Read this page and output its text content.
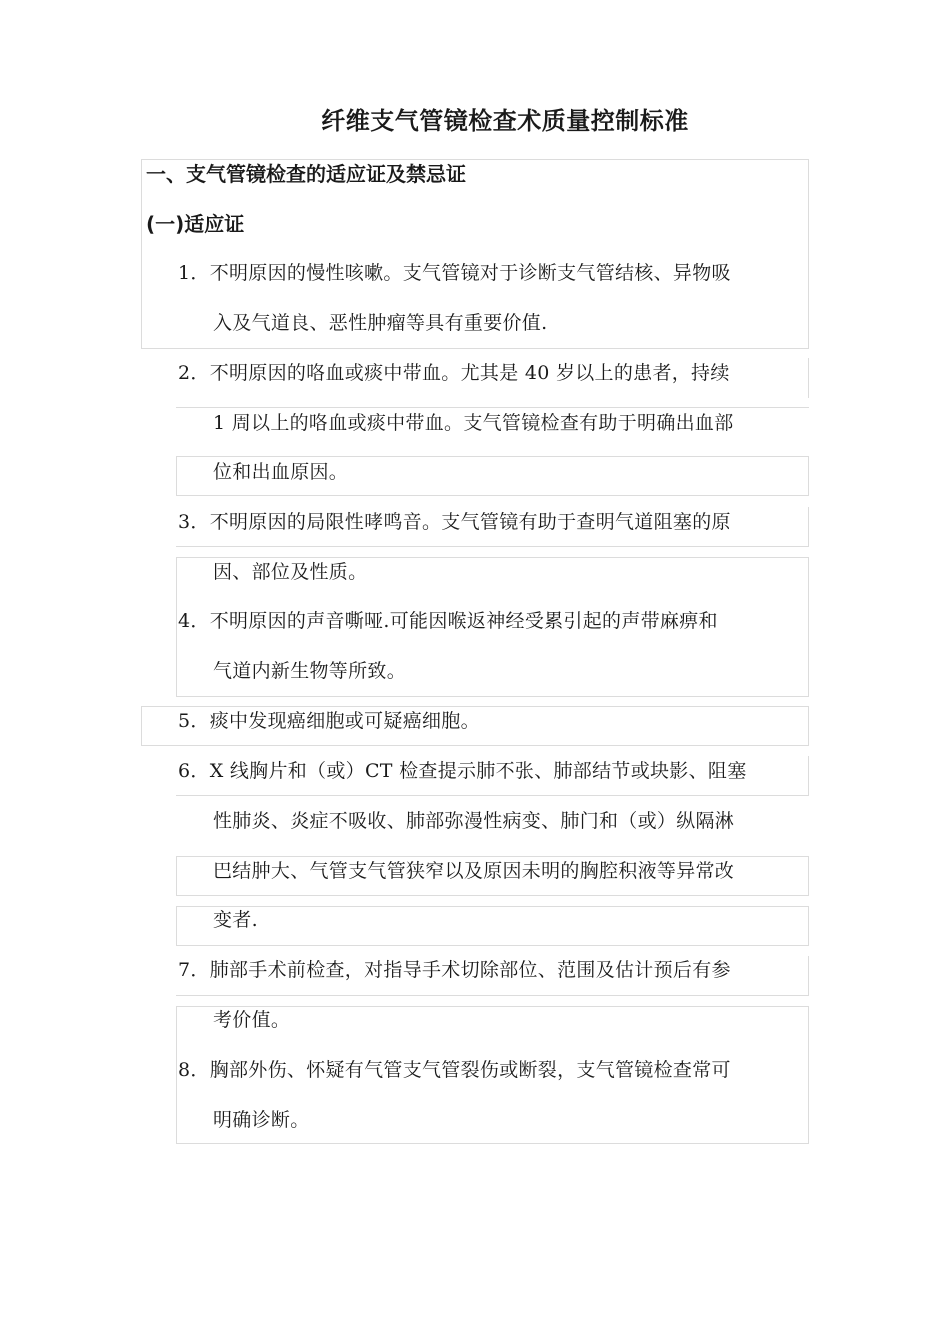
纤维支气管镜检查术质量控制标准
一、支气管镜检查的适应证及禁忌证
(一)适应证
1．不明原因的慢性咳嗽。支气管镜对于诊断支气管结核、异物吸
入及气道良、恶性肿瘤等具有重要价值.
2．不明原因的咯血或痰中带血。尤其是 40 岁以上的患者，持续
1 周以上的咯血或痰中带血。支气管镜检查有助于明确出血部
位和出血原因。
3．不明原因的局限性哮鸣音。支气管镜有助于查明气道阻塞的原
因、部位及性质。
4．不明原因的声音嘶哑.可能因喉返神经受累引起的声带麻痹和
气道内新生物等所致。
5．痰中发现癌细胞或可疑癌细胞。
6．X 线胸片和（或）CT 检查提示肺不张、肺部结节或块影、阻塞
性肺炎、炎症不吸收、肺部弥漫性病变、肺门和（或）纵隔淋
巴结肿大、气管支气管狭窄以及原因未明的胸腔积液等异常改
变者.
7．肺部手术前检查，对指导手术切除部位、范围及估计预后有参
考价值。
8．胸部外伤、怀疑有气管支气管裂伤或断裂，支气管镜检查常可
明确诊断。
